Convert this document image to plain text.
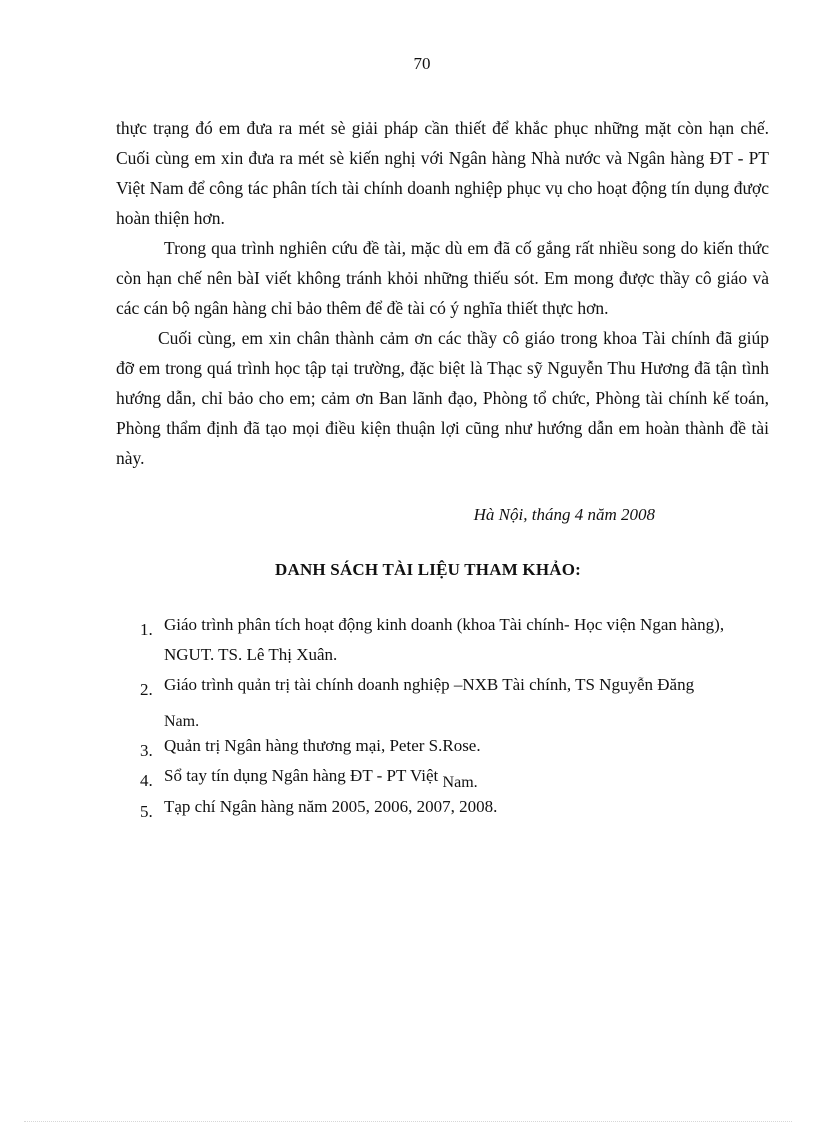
70

thực trạng đó em đưa ra mét sè giải pháp cần thiết để khắc phục những mặt còn hạn chế. Cuối cùng em xin đưa ra mét sè kiến nghị với Ngân hàng Nhà nước và Ngân hàng ĐT - PT Việt Nam để công tác phân tích tài chính doanh nghiệp phục vụ cho hoạt động tín dụng được hoàn thiện hơn.

Trong qua trình nghiên cứu đề tài, mặc dù em đã cố gắng rất nhiều song do kiến thức còn hạn chế nên bàI viết không tránh khỏi những thiếu sót. Em mong được thầy cô giáo và các cán bộ ngân hàng chỉ bảo thêm để đề tài có ý nghĩa thiết thực hơn.

Cuối cùng, em xin chân thành cảm ơn các thầy cô giáo trong khoa Tài chính đã giúp đỡ em trong quá trình học tập tại trường, đặc biệt là Thạc sỹ Nguyễn Thu Hương đã tận tình hướng dẫn, chỉ bảo cho em; cảm ơn Ban lãnh đạo, Phòng tổ chức, Phòng tài chính kế toán, Phòng thẩm định đã tạo mọi điều kiện thuận lợi cũng như hướng dẫn em hoàn thành đề tài này.

Hà Nội, tháng 4 năm 2008
DANH SÁCH TÀI LIỆU THAM KHẢO:
1. Giáo trình phân tích hoạt động kinh doanh (khoa Tài chính- Học viện Ngan hàng), NGUT. TS. Lê Thị Xuân.
2. Giáo trình quản trị tài chính doanh nghiệp –NXB Tài chính, TS Nguyễn Đăng Nam.
3. Quản trị Ngân hàng thương mại, Peter S.Rose.
4. Sổ tay tín dụng Ngân hàng ĐT - PT Việt Nam.
5. Tạp chí Ngân hàng năm 2005, 2006, 2007, 2008.
